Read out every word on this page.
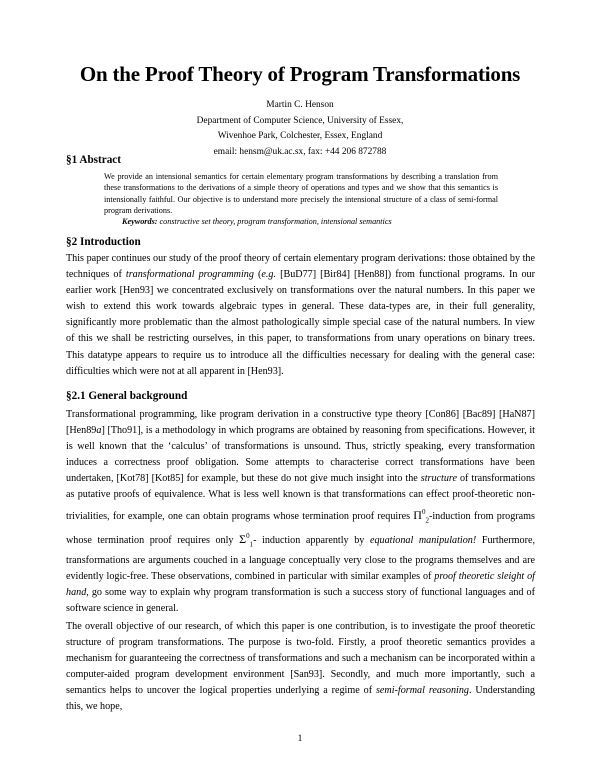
On the Proof Theory of Program Transformations
Martin C. Henson
Department of Computer Science, University of Essex,
Wivenhoe Park, Colchester, Essex, England
email: hensm@uk.ac.sx, fax: +44 206 872788
§1 Abstract
We provide an intensional semantics for certain elementary program transformations by describing a translation from these transformations to the derivations of a simple theory of operations and types and we show that this semantics is intensionally faithful. Our objective is to understand more precisely the intensional structure of a class of semi-formal program derivations.
Keywords: constructive set theory, program transformation, intensional semantics
§2 Introduction

This paper continues our study of the proof theory of certain elementary program derivations: those obtained by the techniques of transformational programming (e.g. [BuD77] [Bir84] [Hen88]) from functional programs. In our earlier work [Hen93] we concentrated exclusively on transformations over the natural numbers. In this paper we wish to extend this work towards algebraic types in general. These data-types are, in their full generality, significantly more problematic than the almost pathologically simple special case of the natural numbers. In view of this we shall be restricting ourselves, in this paper, to transformations from unary operations on binary trees. This datatype appears to require us to introduce all the difficulties necessary for dealing with the general case: difficulties which were not at all apparent in [Hen93].

§2.1 General background

Transformational programming, like program derivation in a constructive type theory [Con86] [Bac89] [HaN87] [Hen89a] [Tho91], is a methodology in which programs are obtained by reasoning from specifications. However, it is well known that the ‘calculus’ of transformations is unsound. Thus, strictly speaking, every transformation induces a correctness proof obligation. Some attempts to characterise correct transformations have been undertaken, [Kot78] [Kot85] for example, but these do not give much insight into the structure of transformations as putative proofs of equivalence. What is less well known is that transformations can effect proof-theoretic non-trivialities, for example, one can obtain programs whose termination proof requires $\Pi^0_2$-induction from programs whose termination proof requires only $\Sigma^0_1-$ induction apparently by equational manipulation! Furthermore, transformations are arguments couched in a language conceptually very close to the programs themselves and are evidently logic-free. These observations, combined in particular with similar examples of proof theoretic sleight of hand, go some way to explain why program transformation is such a success story of functional languages and of software science in general.

The overall objective of our research, of which this paper is one contribution, is to investigate the proof theoretic structure of program transformations. The purpose is two-fold. Firstly, a proof theoretic semantics provides a mechanism for guaranteeing the correctness of transformations and such a mechanism can be incorporated within a computer-aided program development environment [San93]. Secondly, and much more importantly, such a semantics helps to uncover the logical properties underlying a regime of semi-formal reasoning. Understanding this, we hope,

1
